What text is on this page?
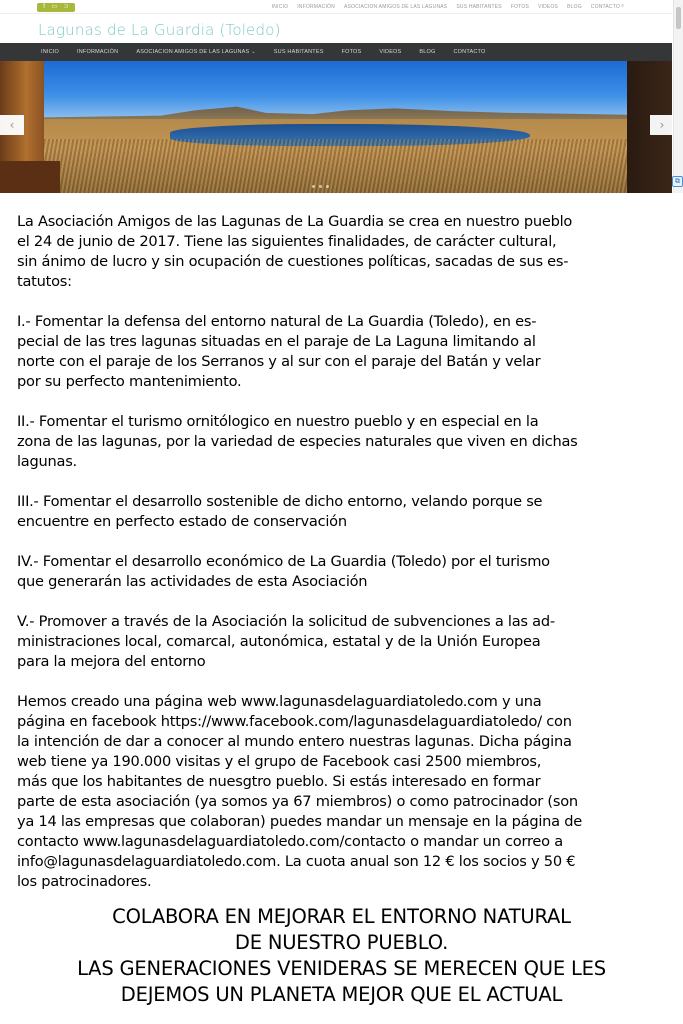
f ▭ ⊃	INICIO INFORMACIÓN ASOCIACION AMIGOS DE LAS LAGUNAS SUS HABITANTES FOTOS VIDEOS BLOG CONTACTO ⌕
Lagunas de La Guardia (Toledo)
INICIO	INFORMACIÓN	ASOCIACION AMIGOS DE LAS LAGUNAS ⌄	SUS HABITANTES	FOTOS	VIDEOS	BLOG	CONTACTO
‹	›
⧉

La Asociación Amigos de las Lagunas de La Guardia se crea en nuestro pueblo
el 24 de junio de 2017. Tiene las siguientes finalidades, de carácter cultural,
sin ánimo de lucro y sin ocupación de cuestiones políticas, sacadas de sus es-
tatutos:

I.- Fomentar la defensa del entorno natural de La Guardia (Toledo), en es-
pecial de las tres lagunas situadas en el paraje de La Laguna limitando al
norte con el paraje de los Serranos y al sur con el paraje del Batán y velar
por su perfecto mantenimiento.

II.- Fomentar el turismo ornitólogico en nuestro pueblo y en especial en la
zona de las lagunas, por la variedad de especies naturales que viven en dichas
lagunas.

III.- Fomentar el desarrollo sostenible de dicho entorno, velando porque se
encuentre en perfecto estado de conservación

IV.- Fomentar el desarrollo económico de La Guardia (Toledo) por el turismo
que generarán las actividades de esta Asociación

V.- Promover a través de la Asociación la solicitud de subvenciones a las ad-
ministraciones local, comarcal, autonómica, estatal y de la Unión Europea
para la mejora del entorno

Hemos creado una página web www.lagunasdelaguardiatoledo.com y una
página en facebook https://www.facebook.com/lagunasdelaguardiatoledo/ con
la intención de dar a conocer al mundo entero nuestras lagunas. Dicha página
web tiene ya 190.000 visitas y el grupo de Facebook casi 2500 miembros,
más que los habitantes de nuesgtro pueblo. Si estás interesado en formar
parte de esta asociación (ya somos ya 67 miembros) o como patrocinador (son
ya 14 las empresas que colaboran) puedes mandar un mensaje en la página de
contacto www.lagunasdelaguardiatoledo.com/contacto o mandar un correo a
info@lagunasdelaguardiatoledo.com. La cuota anual son 12 € los socios y 50 €
los patrocinadores.

COLABORA EN MEJORAR EL ENTORNO NATURAL
DE NUESTRO PUEBLO.
LAS GENERACIONES VENIDERAS SE MERECEN QUE LES
DEJEMOS UN PLANETA MEJOR QUE EL ACTUAL
